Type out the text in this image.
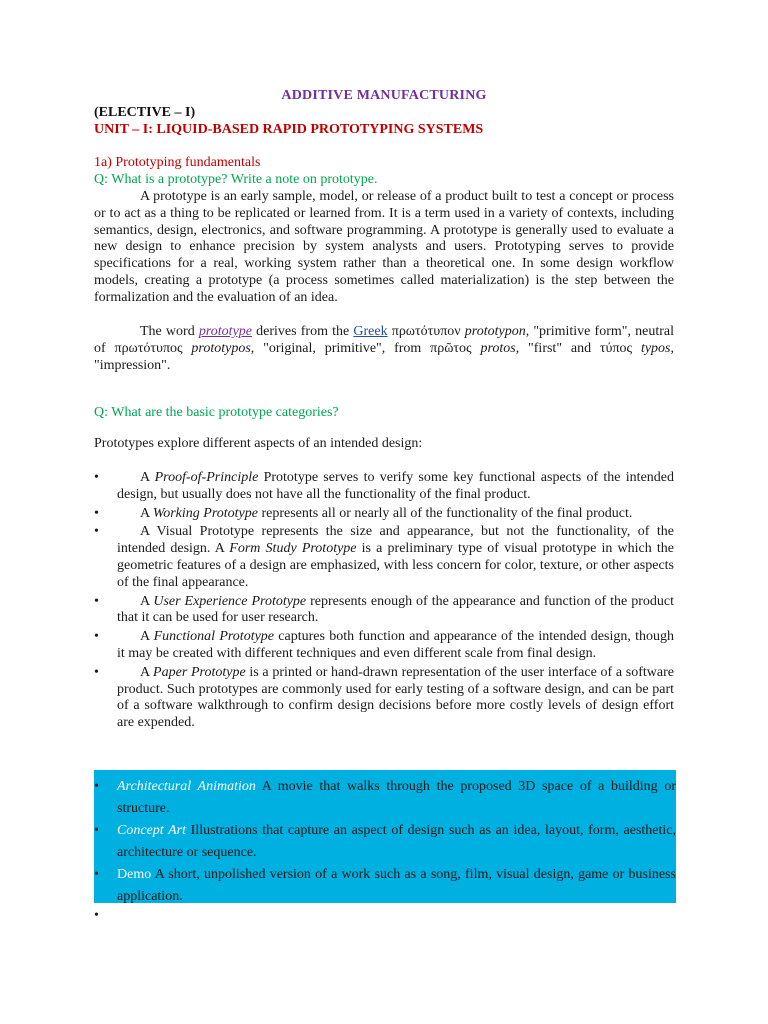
ADDITIVE MANUFACTURING
(ELECTIVE – I)
UNIT – I: LIQUID-BASED RAPID PROTOTYPING SYSTEMS
1a) Prototyping fundamentals
Q: What is a prototype? Write a note on prototype.
A prototype is an early sample, model, or release of a product built to test a concept or process or to act as a thing to be replicated or learned from. It is a term used in a variety of contexts, including semantics, design, electronics, and software programming. A prototype is generally used to evaluate a new design to enhance precision by system analysts and users. Prototyping serves to provide specifications for a real, working system rather than a theoretical one. In some design workflow models, creating a prototype (a process sometimes called materialization) is the step between the formalization and the evaluation of an idea.
The word prototype derives from the Greek πρωτότυπον prototypon, "primitive form", neutral of πρωτότυπος prototypos, "original, primitive", from πρῶτος protos, "first" and τύπος typos, "impression".
Q: What are the basic prototype categories?
Prototypes explore different aspects of an intended design:
•	A Proof-of-Principle Prototype serves to verify some key functional aspects of the intended design, but usually does not have all the functionality of the final product.
•	A Working Prototype represents all or nearly all of the functionality of the final product.
•	A Visual Prototype represents the size and appearance, but not the functionality, of the intended design. A Form Study Prototype is a preliminary type of visual prototype in which the geometric features of a design are emphasized, with less concern for color, texture, or other aspects of the final appearance.
•	A User Experience Prototype represents enough of the appearance and function of the product that it can be used for user research.
•	A Functional Prototype captures both function and appearance of the intended design, though it may be created with different techniques and even different scale from final design.
•	A Paper Prototype is a printed or hand-drawn representation of the user interface of a software product. Such prototypes are commonly used for early testing of a software design, and can be part of a software walkthrough to confirm design decisions before more costly levels of design effort are expended.
• Architectural Animation A movie that walks through the proposed 3D space of a building or structure.
• Concept Art Illustrations that capture an aspect of design such as an idea, layout, form, aesthetic, architecture or sequence.
• Demo A short, unpolished version of a work such as a song, film, visual design, game or business application.
•
